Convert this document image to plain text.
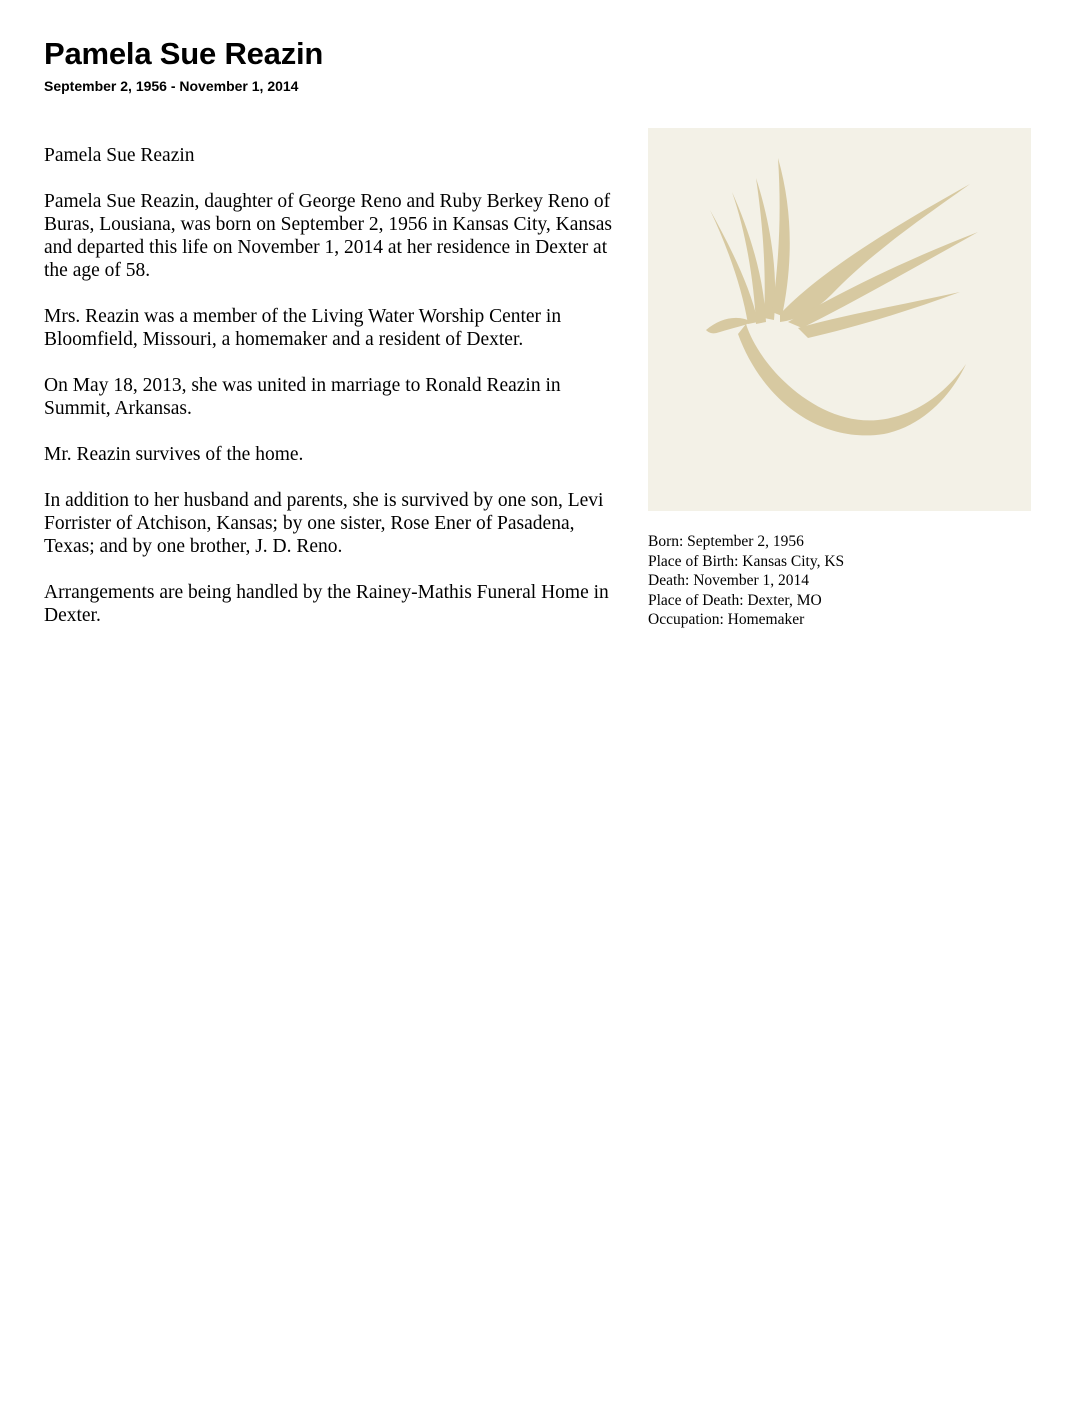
Pamela Sue Reazin
September 2, 1956 - November 1, 2014

Pamela Sue Reazin

Pamela Sue Reazin, daughter of George Reno and Ruby Berkey Reno of Buras, Lousiana, was born on September 2, 1956 in Kansas City, Kansas and departed this life on November 1, 2014 at her residence in Dexter at the age of 58.

Mrs. Reazin was a member of the Living Water Worship Center in Bloomfield, Missouri, a homemaker and a resident of Dexter.

On May 18, 2013, she was united in marriage to Ronald Reazin in Summit, Arkansas.

Mr. Reazin survives of the home.

In addition to her husband and parents, she is survived by one son, Levi Forrister of Atchison, Kansas; by one sister, Rose Ener of Pasadena, Texas; and by one brother, J. D. Reno.

Arrangements are being handled by the Rainey-Mathis Funeral Home in Dexter.

Born: September 2, 1956
Place of Birth: Kansas City, KS
Death: November 1, 2014
Place of Death: Dexter, MO
Occupation: Homemaker
